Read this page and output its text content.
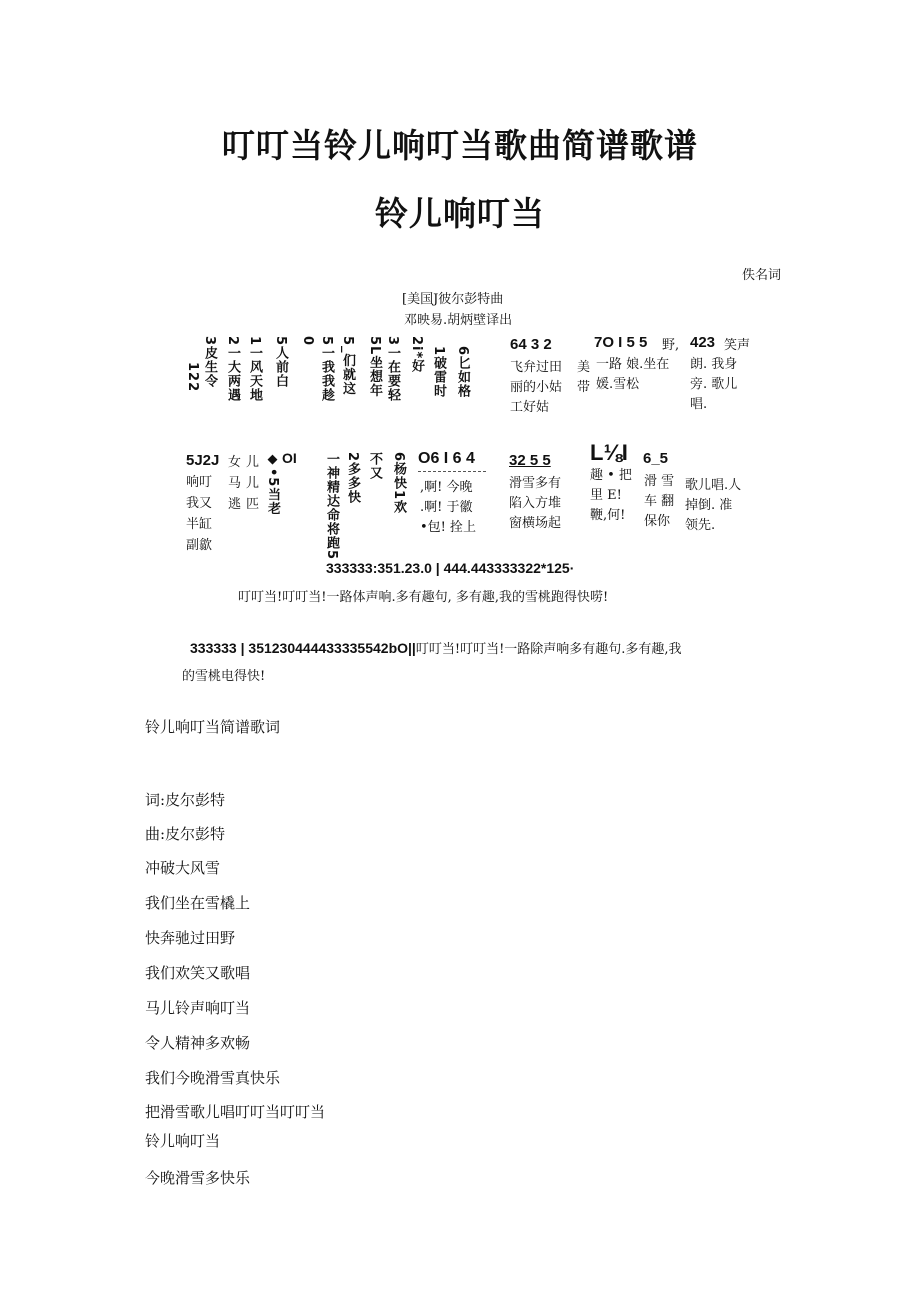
叮叮当铃儿响叮当歌曲简谱歌谱
铃儿响叮当
佚名词
[美国J彼尔彭特曲
邓映易.胡炳壁译出
3皮生令
122 2一大两遇 1一风天地 5人前白 0 5一我我趁 5_们就这 5L坐想年 3一在要轻 2i*好 1破雷时 6匕如格
64 3 2
飞弁过田
丽的小姑
工好姑
7O I 5 5 野,
美
带
一路 娘.坐在
媛.雪松
423 笑声
朗. 我身
旁. 歌儿
唱.
5J2J
响叮
我又
半缸
副歙
女
马
逃
儿
儿
匹
OI
◆•5当老	一神精达命将跑5 2多多快 不又 6杨快1欢 O6 I 6 4
,啊! 今晚
.啊! 于徽
•包! 拴上
32 5 5
滑雪多有
陷入方堆
窗横场起
L⅛I 6_5
趣 • 把
里 E!
鞭,何!
滑 雪
车 翻
保你
歌儿唱.人
掉倒. 准
领先.
333333:351.23.0 | 444.443333322*125·
叮叮当!叮叮当!一路体声响.多有趣句, 多有趣,我的雪桃跑得快唠!
333333 | 351230444433335542bO||叮叮当!叮叮当!一路除声响多有趣句.多有趣,我
的雪桃电得快!
铃儿响叮当简谱歌词
词:皮尔彭特
曲:皮尔彭特
冲破大风雪
我们坐在雪橇上
快奔驰过田野
我们欢笑又歌唱
马儿铃声响叮当
令人精神多欢畅
我们今晚滑雪真快乐
把滑雪歌儿唱叮叮当叮叮当
铃儿响叮当
今晚滑雪多快乐
